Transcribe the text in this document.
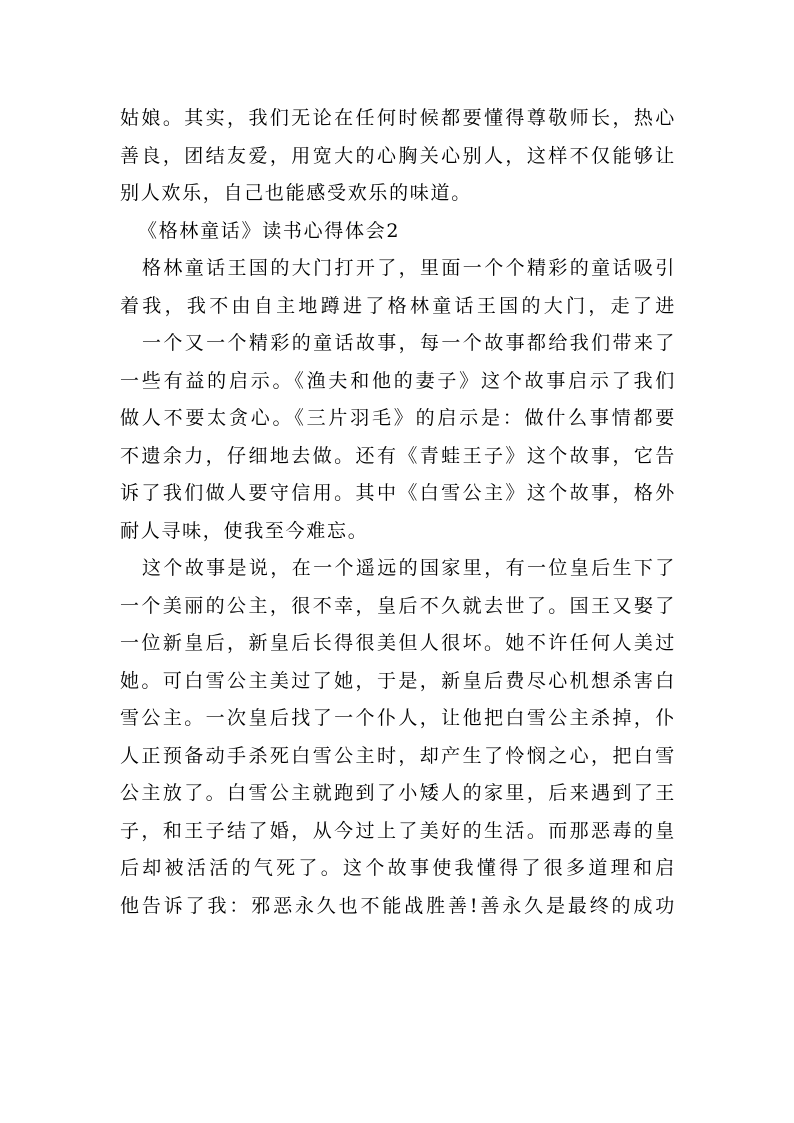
姑娘。其实，我们无论在任何时候都要懂得尊敬师长，热心
善良，团结友爱，用宽大的心胸关心别人，这样不仅能够让
别人欢乐，自己也能感受欢乐的味道。
《格林童话》读书心得体会2
格林童话王国的大门打开了，里面一个个精彩的童话吸引
着我，我不由自主地蹲进了格林童话王国的大门，走了进
一个又一个精彩的童话故事，每一个故事都给我们带来了
一些有益的启示。《渔夫和他的妻子》这个故事启示了我们
做人不要太贪心。《三片羽毛》的启示是：做什么事情都要
不遗余力，仔细地去做。还有《青蛙王子》这个故事，它告
诉了我们做人要守信用。其中《白雪公主》这个故事，格外
耐人寻味，使我至今难忘。
这个故事是说，在一个遥远的国家里，有一位皇后生下了
一个美丽的公主，很不幸，皇后不久就去世了。国王又娶了
一位新皇后，新皇后长得很美但人很坏。她不许任何人美过
她。可白雪公主美过了她，于是，新皇后费尽心机想杀害白
雪公主。一次皇后找了一个仆人，让他把白雪公主杀掉，仆
人正预备动手杀死白雪公主时，却产生了怜悯之心，把白雪
公主放了。白雪公主就跑到了小矮人的家里，后来遇到了王
子，和王子结了婚，从今过上了美好的生活。而那恶毒的皇
后却被活活的气死了。这个故事使我懂得了很多道理和启
他告诉了我：邪恶永久也不能战胜善!善永久是最终的成功
